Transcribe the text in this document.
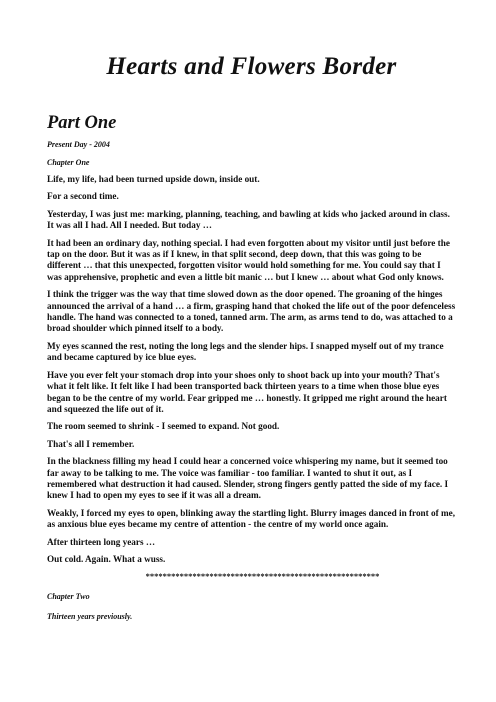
Hearts and Flowers Border
Part One
Present Day - 2004
Chapter One

Life, my life, had been turned upside down, inside out.

For a second time.

Yesterday, I was just me: marking, planning, teaching, and bawling at kids who jacked around in class. It was all I had. All I needed. But today …

It had been an ordinary day, nothing special. I had even forgotten about my visitor until just before the tap on the door. But it was as if I knew, in that split second, deep down, that this was going to be different … that this unexpected, forgotten visitor would hold something for me. You could say that I was apprehensive, prophetic and even a little bit manic … but I knew … about what God only knows.

I think the trigger was the way that time slowed down as the door opened. The groaning of the hinges announced the arrival of a hand … a firm, grasping hand that choked the life out of the poor defenceless handle. The hand was connected to a toned, tanned arm. The arm, as arms tend to do, was attached to a broad shoulder which pinned itself to a body.

My eyes scanned the rest, noting the long legs and the slender hips. I snapped myself out of my trance and became captured by ice blue eyes.

Have you ever felt your stomach drop into your shoes only to shoot back up into your mouth? That's what it felt like. It felt like I had been transported back thirteen years to a time when those blue eyes began to be the centre of my world. Fear gripped me … honestly. It gripped me right around the heart and squeezed the life out of it.

The room seemed to shrink - I seemed to expand. Not good.

That's all I remember.

In the blackness filling my head I could hear a concerned voice whispering my name, but it seemed too far away to be talking to me. The voice was familiar - too familiar. I wanted to shut it out, as I remembered what destruction it had caused. Slender, strong fingers gently patted the side of my face. I knew I had to open my eyes to see if it was all a dream.

Weakly, I forced my eyes to open, blinking away the startling light. Blurry images danced in front of me, as anxious blue eyes became my centre of attention - the centre of my world once again.

After thirteen long years …

Out cold. Again. What a wuss.

*******************************************************
Chapter Two
Thirteen years previously.
